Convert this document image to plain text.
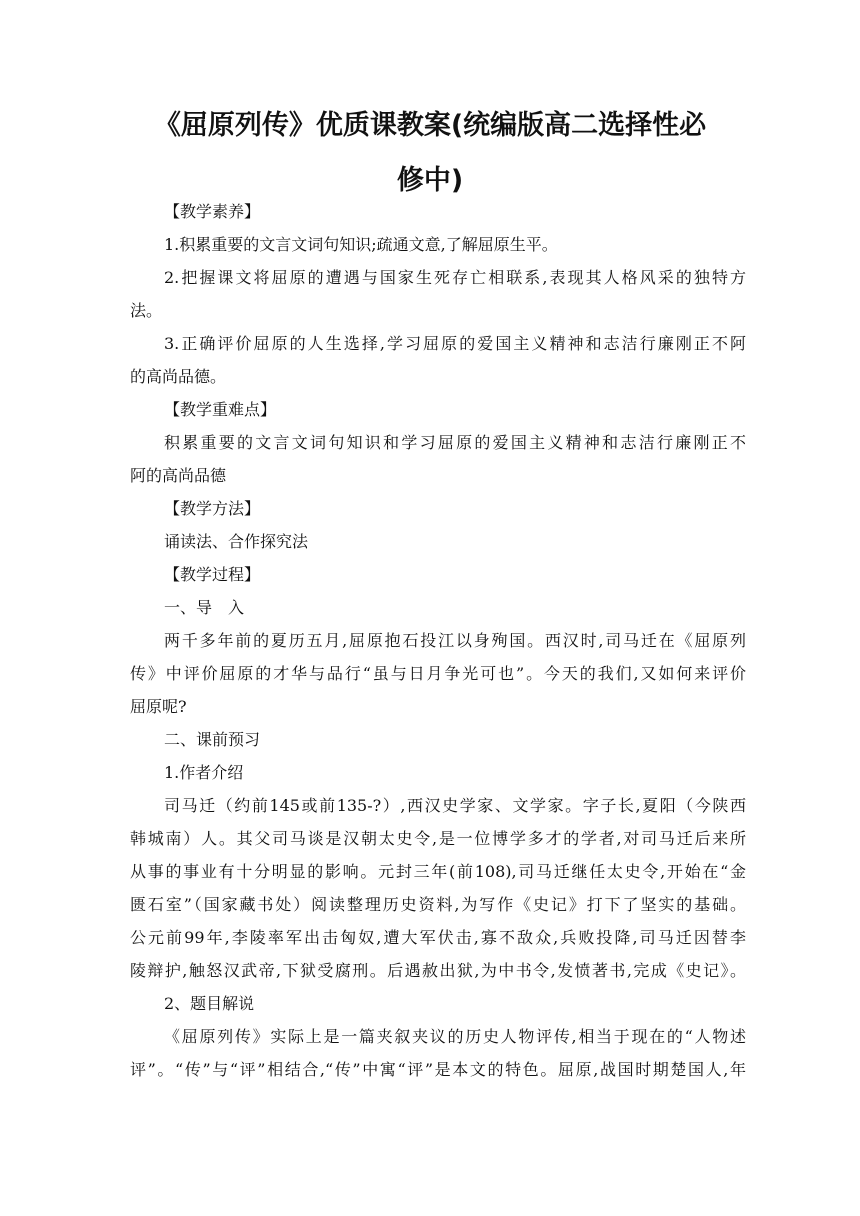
《屈原列传》优质课教案(统编版高二选择性必
修中)
【教学素养】
1.积累重要的文言文词句知识;疏通文意,了解屈原生平。
2.把握课文将屈原的遭遇与国家生死存亡相联系,表现其人格风采的独特方
法。
3.正确评价屈原的人生选择,学习屈原的爱国主义精神和志洁行廉刚正不阿
的高尚品德。
【教学重难点】
积累重要的文言文词句知识和学习屈原的爱国主义精神和志洁行廉刚正不
阿的高尚品德
【教学方法】
诵读法、合作探究法
【教学过程】
一、导　入
两千多年前的夏历五月,屈原抱石投江以身殉国。西汉时,司马迁在《屈原列
传》中评价屈原的才华与品行“虽与日月争光可也”。今天的我们,又如何来评价
屈原呢?
二、课前预习
1.作者介绍
司马迁（约前145或前135-?）,西汉史学家、文学家。字子长,夏阳（今陕西
韩城南）人。其父司马谈是汉朝太史令,是一位博学多才的学者,对司马迁后来所
从事的事业有十分明显的影响。元封三年(前108),司马迁继任太史令,开始在“金
匮石室”（国家藏书处）阅读整理历史资料,为写作《史记》打下了坚实的基础。
公元前99年,李陵率军出击匈奴,遭大军伏击,寡不敌众,兵败投降,司马迁因替李
陵辩护,触怒汉武帝,下狱受腐刑。后遇赦出狱,为中书令,发愤著书,完成《史记》。
2、题目解说
《屈原列传》实际上是一篇夹叙夹议的历史人物评传,相当于现在的“人物述
评”。“传”与“评”相结合,“传”中寓“评”是本文的特色。屈原,战国时期楚国人,年
